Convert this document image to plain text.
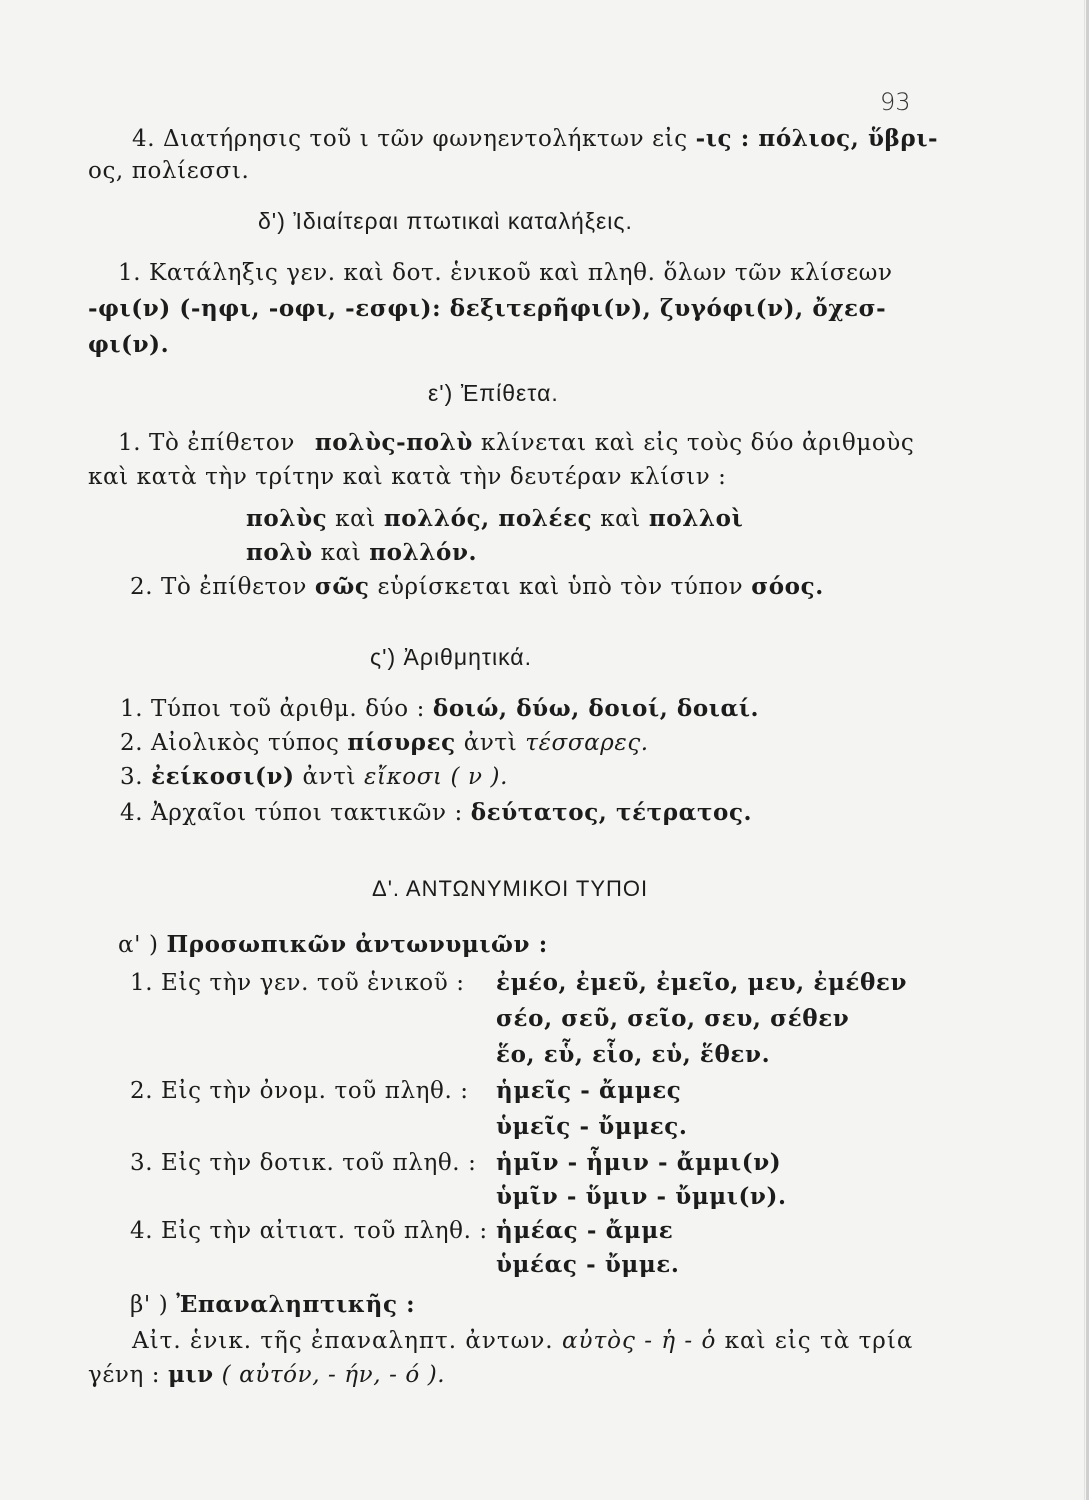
93
4. Διατήρησις τοῦ ι τῶν φωνηεντολήκτων εἰς -ις : πόλιος, ὕβρι-
ος, πολίεσσι.
δ') Ἰδιαίτεραι πτωτικαὶ καταλήξεις.
1. Κατάληξις γεν. καὶ δοτ. ἑνικοῦ καὶ πληθ. ὅλων τῶν κλίσεων
-φι(ν) (-ηφι, -οφι, -εσφι): δεξιτερῆφι(ν), ζυγόφι(ν), ὄχεσ-
φι(ν).
ε') Ἐπίθετα.
1. Τὸ ἐπίθετον πολὺς-πολὺ κλίνεται καὶ εἰς τοὺς δύο ἀριθμοὺς
καὶ κατὰ τὴν τρίτην καὶ κατὰ τὴν δευτέραν κλίσιν :
πολὺς καὶ πολλός, πολέες καὶ πολλοὶ
πολὺ καὶ πολλόν.
2. Τὸ ἐπίθετον σῶς εὑρίσκεται καὶ ὑπὸ τὸν τύπον σόος.
ς') Ἀριθμητικά.
1. Τύποι τοῦ ἀριθμ. δύο : δοιώ, δύω, δοιοί, δοιαί.
2. Αἰολικὸς τύπος πίσυρες ἀντὶ τέσσαρες.
3. ἐείκοσι(ν) ἀντὶ εἴκοσι ( ν ).
4. Ἀρχαῖοι τύποι τακτικῶν : δεύτατος, τέτρατος.
Δ'. ΑΝΤΩΝΥΜΙΚΟΙ ΤΥΠΟΙ
α' ) Προσωπικῶν ἀντωνυμιῶν :
1. Εἰς τὴν γεν. τοῦ ἑνικοῦ : ἐμέο, ἐμεῦ, ἐμεῖο, μευ, ἐμέθεν
σέο, σεῦ, σεῖο, σευ, σέθεν
ἕο, εὗ, εἷο, εὑ, ἕθεν.
2. Εἰς τὴν ὀνομ. τοῦ πληθ. : ἡμεῖς - ἄμμες
ὑμεῖς - ὔμμες.
3. Εἰς τὴν δοτικ. τοῦ πληθ. : ἡμῖν - ἧμιν - ἄμμι(ν)
ὑμῖν - ὕμιν - ὔμμι(ν).
4. Εἰς τὴν αἰτιατ. τοῦ πληθ. : ἡμέας - ἄμμε
ὑμέας - ὔμμε.
β' ) Ἐπαναληπτικῆς :
Αἰτ. ἑνικ. τῆς ἐπαναληπτ. ἀντων. αὐτὸς - ἡ - ὁ καὶ εἰς τὰ τρία
γένη : μιν ( αὐτόν, - ήν, - ό ).
